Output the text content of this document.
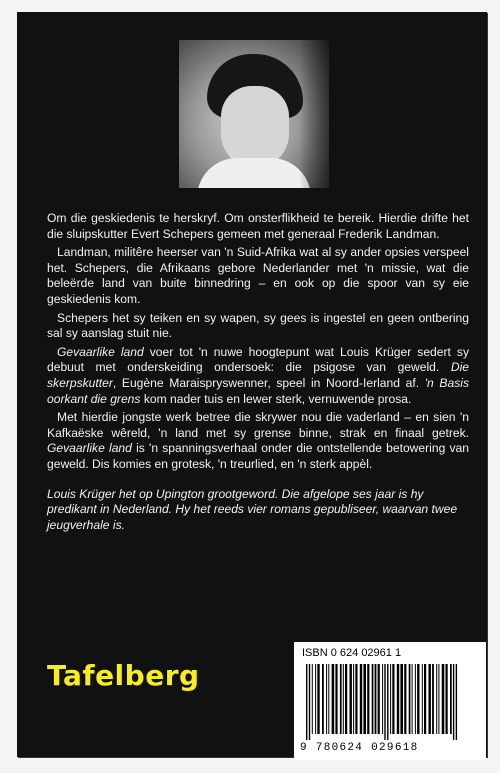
Om die geskiedenis te herskryf. Om onsterflikheid te bereik. Hierdie drifte het die sluipskutter Evert Schepers gemeen met generaal Frederik Landman.

Landman, militêre heerser van 'n Suid-Afrika wat al sy ander opsies verspeel het. Schepers, die Afrikaans gebore Nederlander met 'n missie, wat die beleërde land van buite binnedring – en ook op die spoor van sy eie geskiedenis kom.

Schepers het sy teiken en sy wapen, sy gees is ingestel en geen ontbering sal sy aanslag stuit nie.

Gevaarlike land voer tot 'n nuwe hoogtepunt wat Louis Krüger sedert sy debuut met onderskeiding ondersoek: die psigose van geweld. Die skerpskutter, Eugène Maraispryswenner, speel in Noord-Ierland af. 'n Basis oorkant die grens kom nader tuis en lewer sterk, vernuwende prosa.

Met hierdie jongste werk betree die skrywer nou die vaderland – en sien 'n Kafkaëske wêreld, 'n land met sy grense binne, strak en finaal getrek. Gevaarlike land is 'n spanningsverhaal onder die ontstellende betowering van geweld. Dis komies en grotesk, 'n treurlied, en 'n sterk appèl.

Louis Krüger het op Upington grootgeword. Die afgelope ses jaar is hy predikant in Nederland. Hy het reeds vier romans gepubliseer, waarvan twee jeugverhale is.

Tafelberg
ISBN 0 624 02961 1
9 780624 029618
